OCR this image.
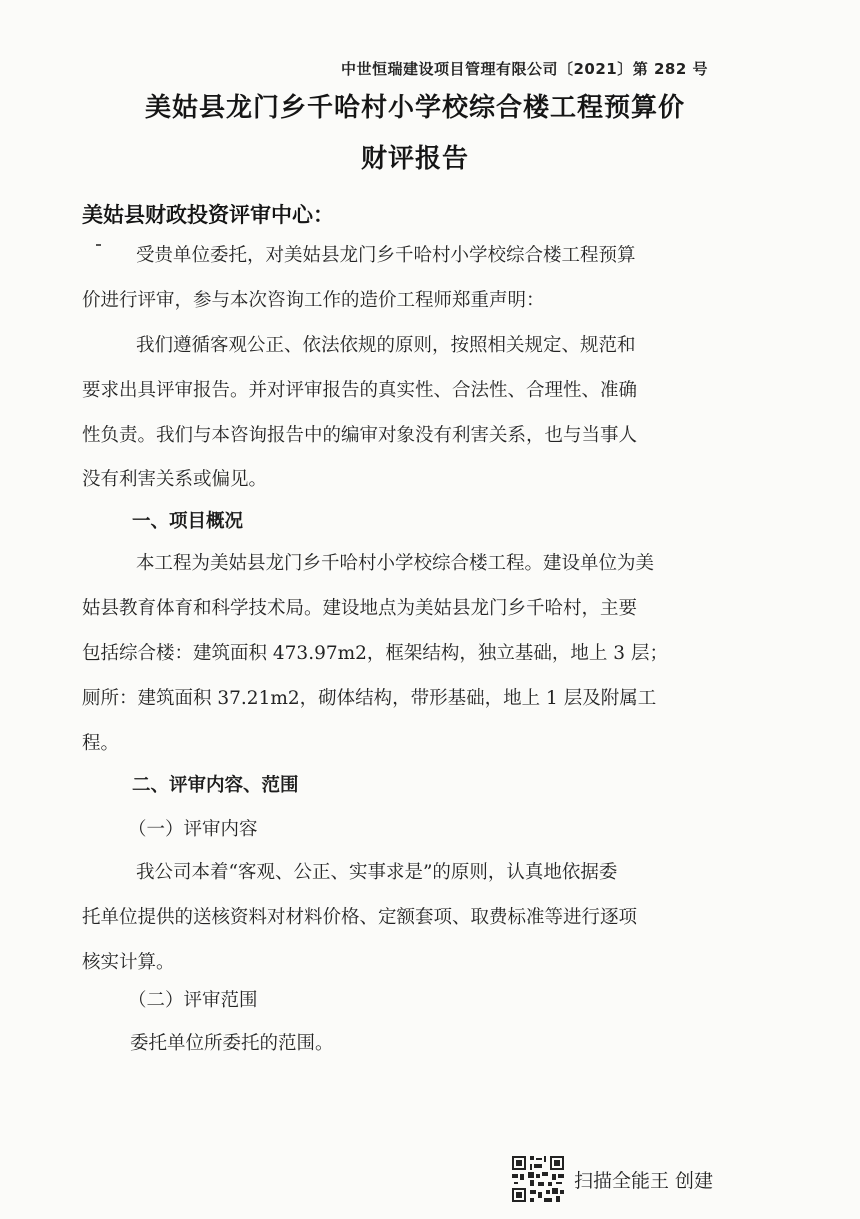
中世恒瑞建设项目管理有限公司〔2021〕第 282 号
美姑县龙门乡千哈村小学校综合楼工程预算价
财评报告
美姑县财政投资评审中心：
受贵单位委托，对美姑县龙门乡千哈村小学校综合楼工程预算
价进行评审，参与本次咨询工作的造价工程师郑重声明：
我们遵循客观公正、依法依规的原则，按照相关规定、规范和
要求出具评审报告。并对评审报告的真实性、合法性、合理性、准确
性负责。我们与本咨询报告中的编审对象没有利害关系，也与当事人
没有利害关系或偏见。
一、项目概况
本工程为美姑县龙门乡千哈村小学校综合楼工程。建设单位为美
姑县教育体育和科学技术局。建设地点为美姑县龙门乡千哈村，主要
包括综合楼：建筑面积 473.97m2，框架结构，独立基础，地上 3 层；
厕所：建筑面积 37.21m2，砌体结构，带形基础，地上 1 层及附属工
程。
二、评审内容、范围
（一）评审内容
我公司本着“客观、公正、实事求是”的原则，认真地依据委
托单位提供的送核资料对材料价格、定额套项、取费标准等进行逐项
核实计算。
（二）评审范围
委托单位所委托的范围。
扫描全能王 创建
